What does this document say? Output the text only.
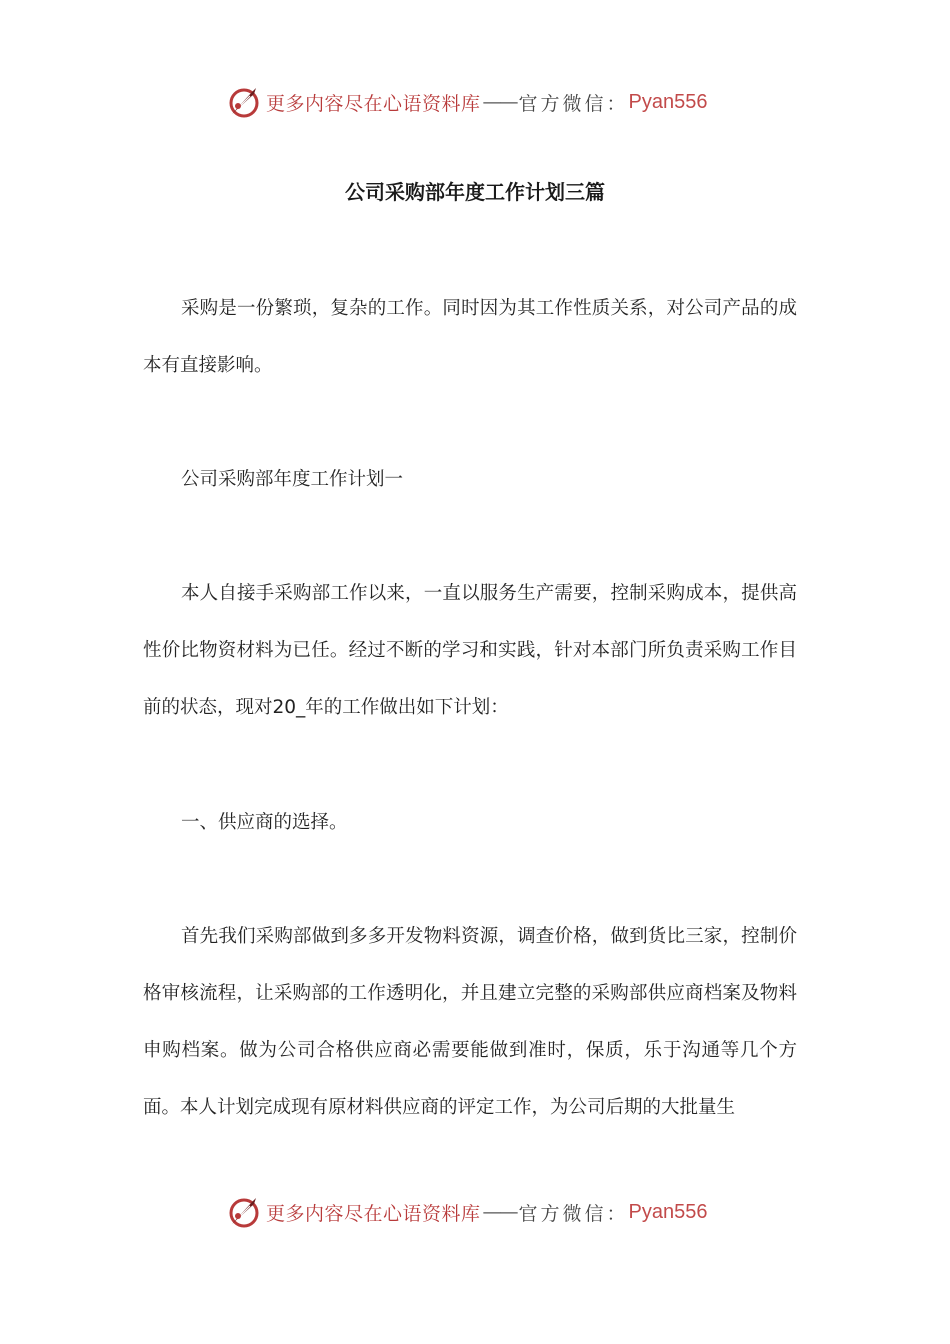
更多内容尽在心语资料库 —— 官方微信： Pyan556
公司采购部年度工作计划三篇

采购是一份繁琐，复杂的工作。同时因为其工作性质关系，对公司产品的成本有直接影响。

公司采购部年度工作计划一

本人自接手采购部工作以来，一直以服务生产需要，控制采购成本，提供高性价比物资材料为已任。经过不断的学习和实践，针对本部门所负责采购工作目前的状态，现对20_年的工作做出如下计划：

一、供应商的选择。

首先我们采购部做到多多开发物料资源，调查价格，做到货比三家，控制价格审核流程，让采购部的工作透明化，并且建立完整的采购部供应商档案及物料申购档案。做为公司合格供应商必需要能做到准时，保质，乐于沟通等几个方面。本人计划完成现有原材料供应商的评定工作，为公司后期的大批量生

更多内容尽在心语资料库 —— 官方微信： Pyan556
